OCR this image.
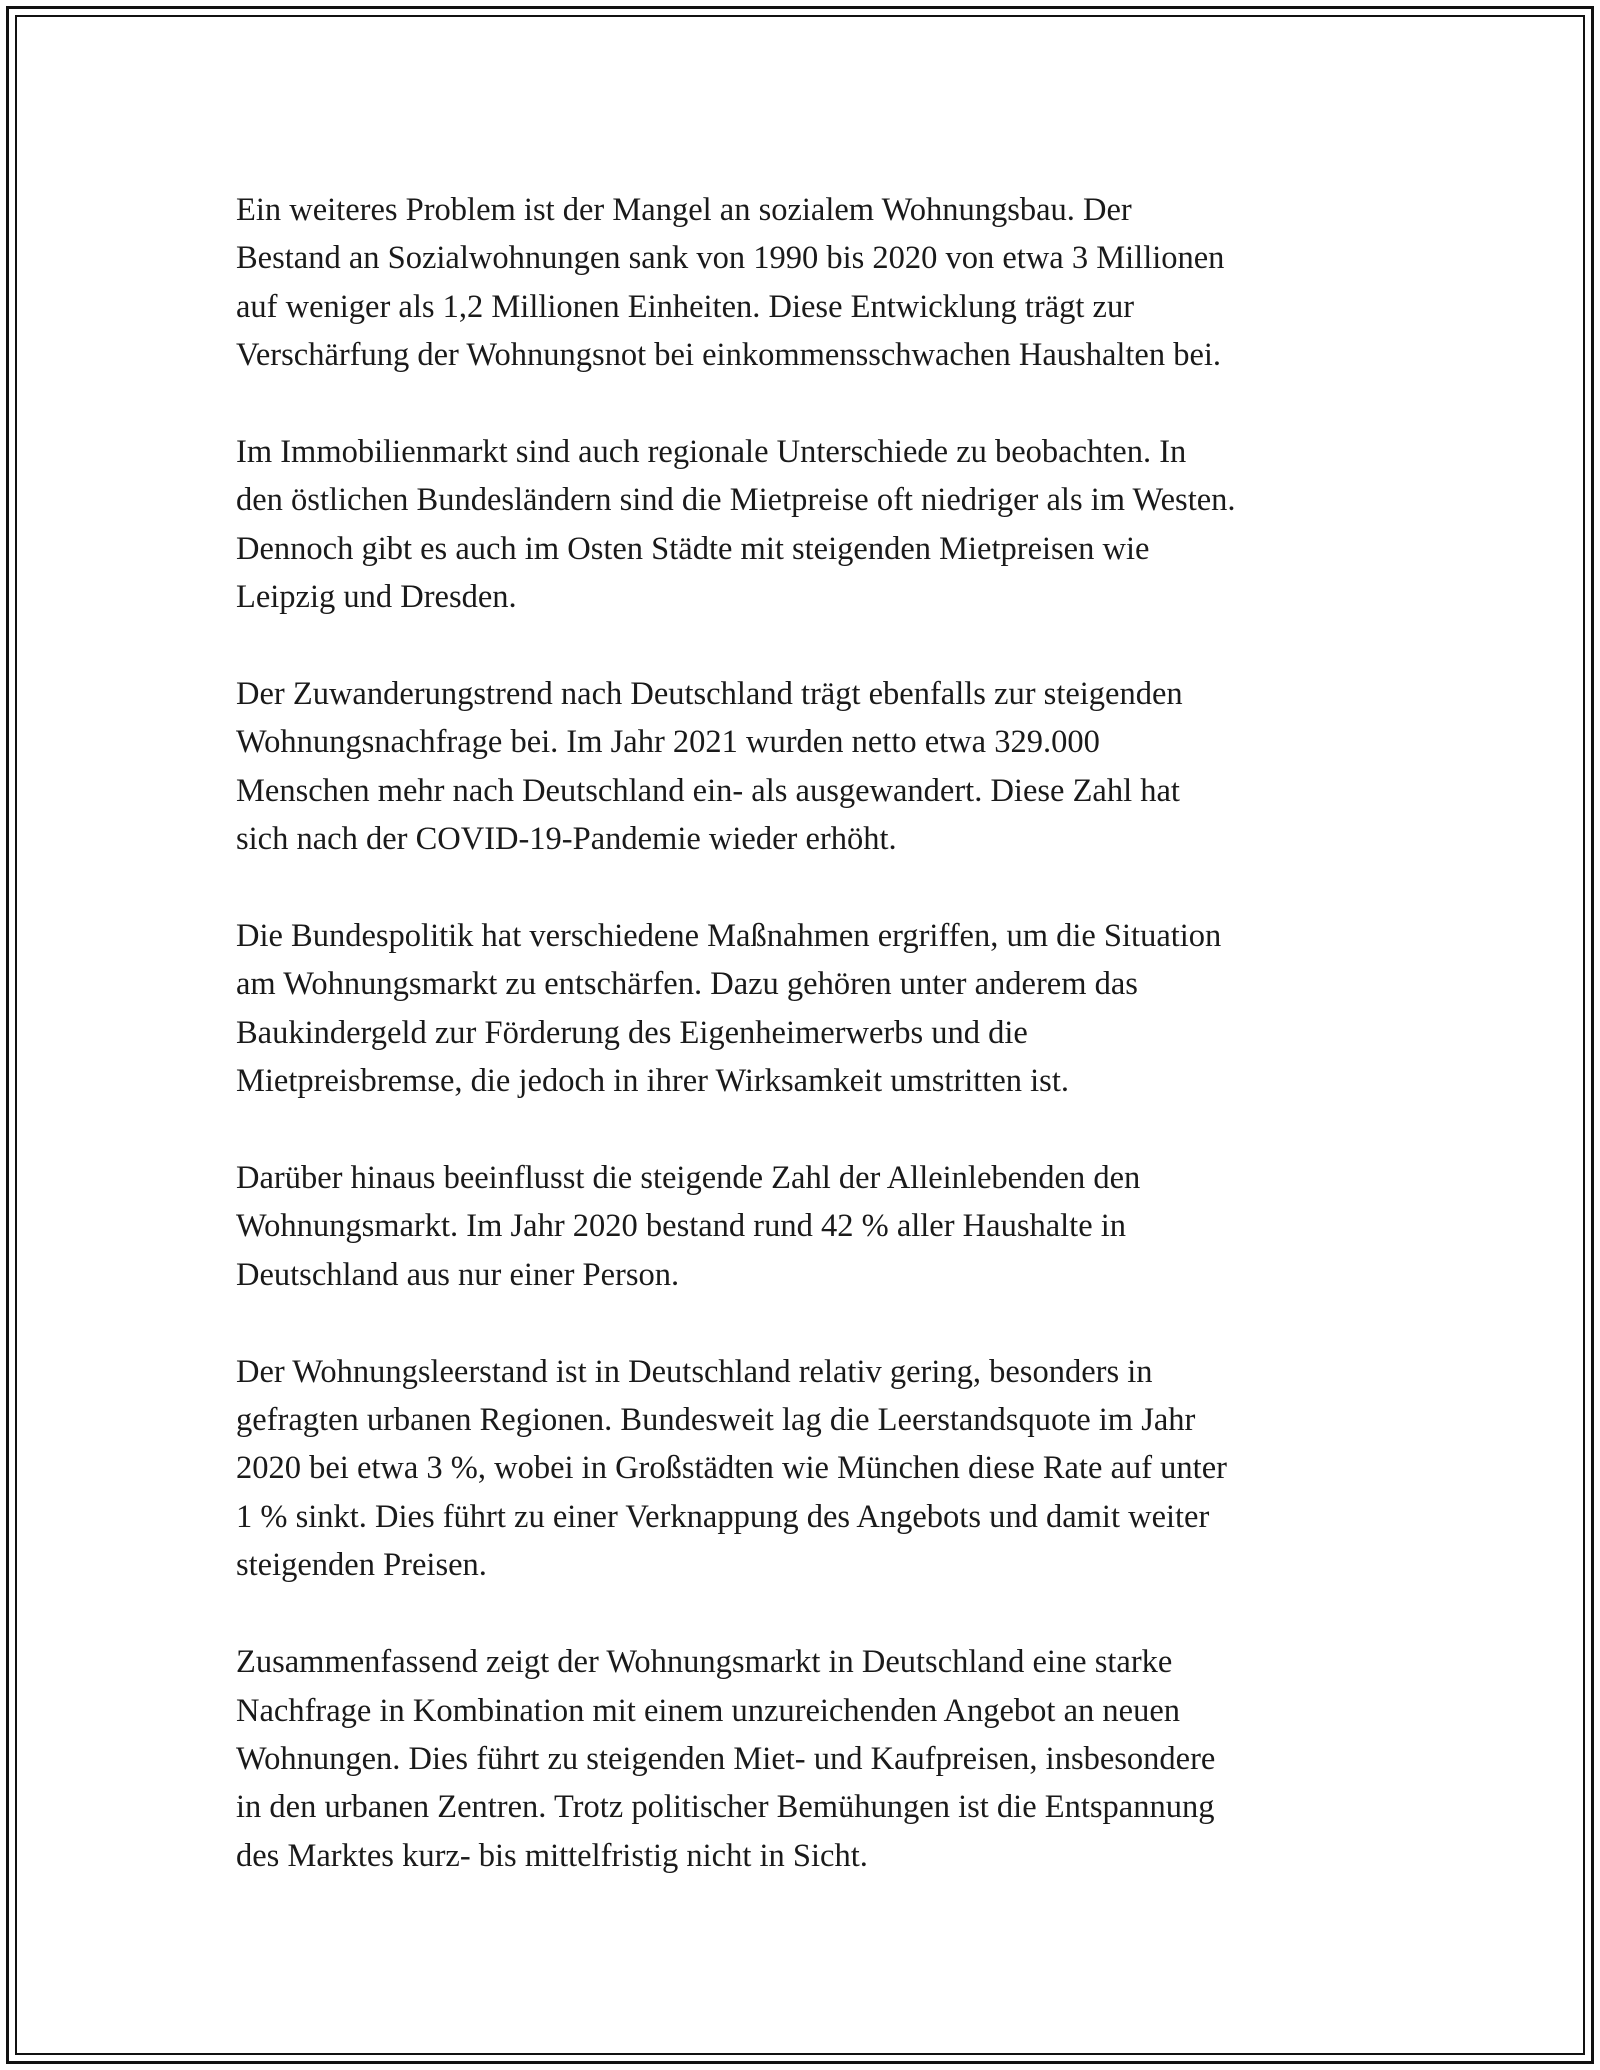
Ein weiteres Problem ist der Mangel an sozialem Wohnungsbau. Der
Bestand an Sozialwohnungen sank von 1990 bis 2020 von etwa 3 Millionen
auf weniger als 1,2 Millionen Einheiten. Diese Entwicklung trägt zur
Verschärfung der Wohnungsnot bei einkommensschwachen Haushalten bei.

Im Immobilienmarkt sind auch regionale Unterschiede zu beobachten. In
den östlichen Bundesländern sind die Mietpreise oft niedriger als im Westen.
Dennoch gibt es auch im Osten Städte mit steigenden Mietpreisen wie
Leipzig und Dresden.

Der Zuwanderungstrend nach Deutschland trägt ebenfalls zur steigenden
Wohnungsnachfrage bei. Im Jahr 2021 wurden netto etwa 329.000
Menschen mehr nach Deutschland ein- als ausgewandert. Diese Zahl hat
sich nach der COVID-19-Pandemie wieder erhöht.

Die Bundespolitik hat verschiedene Maßnahmen ergriffen, um die Situation
am Wohnungsmarkt zu entschärfen. Dazu gehören unter anderem das
Baukindergeld zur Förderung des Eigenheimerwerbs und die
Mietpreisbremse, die jedoch in ihrer Wirksamkeit umstritten ist.

Darüber hinaus beeinflusst die steigende Zahl der Alleinlebenden den
Wohnungsmarkt. Im Jahr 2020 bestand rund 42 % aller Haushalte in
Deutschland aus nur einer Person.

Der Wohnungsleerstand ist in Deutschland relativ gering, besonders in
gefragten urbanen Regionen. Bundesweit lag die Leerstandsquote im Jahr
2020 bei etwa 3 %, wobei in Großstädten wie München diese Rate auf unter
1 % sinkt. Dies führt zu einer Verknappung des Angebots und damit weiter
steigenden Preisen.

Zusammenfassend zeigt der Wohnungsmarkt in Deutschland eine starke
Nachfrage in Kombination mit einem unzureichenden Angebot an neuen
Wohnungen. Dies führt zu steigenden Miet- und Kaufpreisen, insbesondere
in den urbanen Zentren. Trotz politischer Bemühungen ist die Entspannung
des Marktes kurz- bis mittelfristig nicht in Sicht.
